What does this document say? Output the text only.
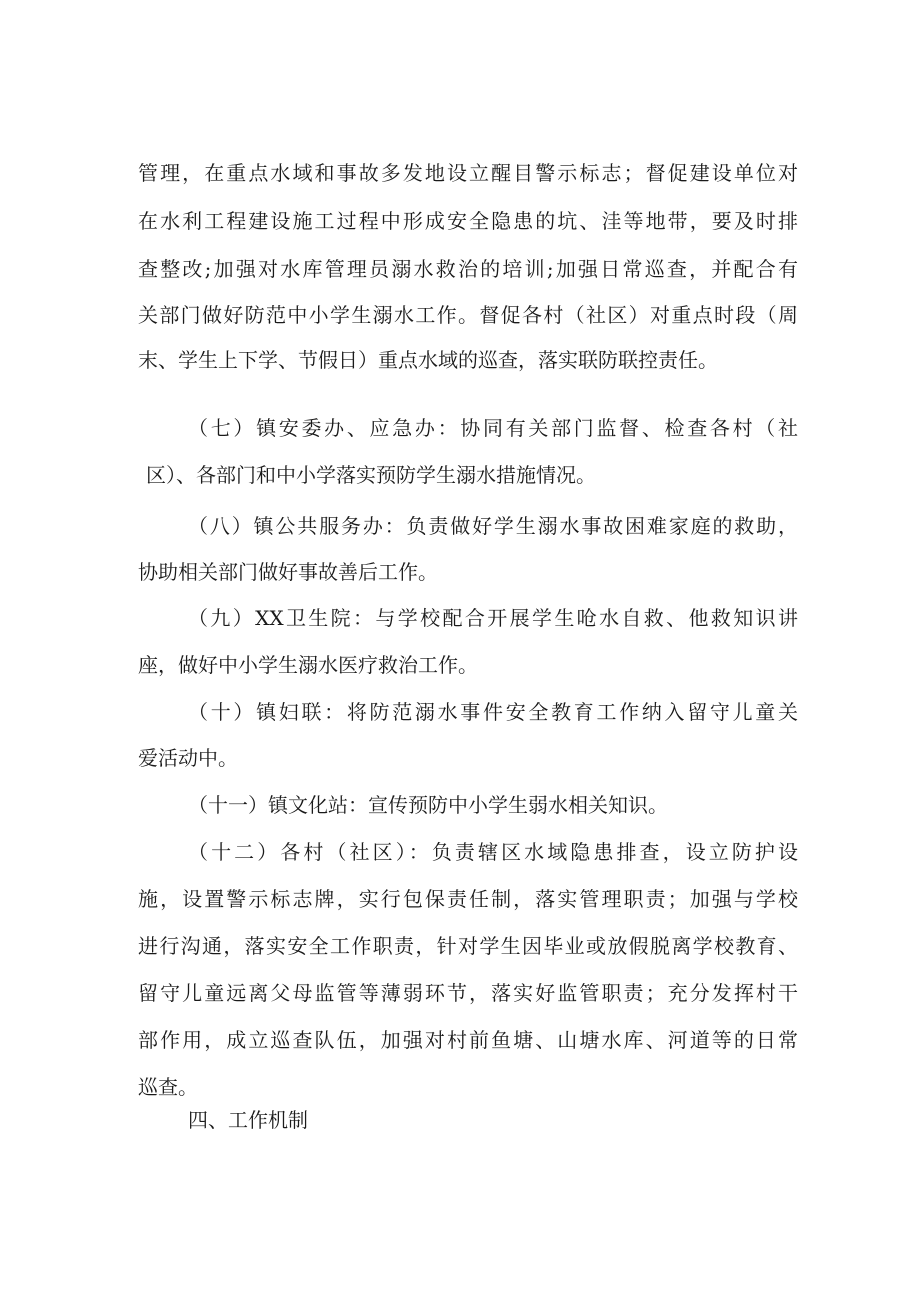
管理，在重点水域和事故多发地设立醒目警示标志；督促建设单位对
在水利工程建设施工过程中形成安全隐患的坑、洼等地带，要及时排
查整改;加强对水库管理员溺水救治的培训;加强日常巡查，并配合有
关部门做好防范中小学生溺水工作。督促各村（社区）对重点时段（周
末、学生上下学、节假日）重点水域的巡查，落实联防联控责任。
（七）镇安委办、应急办：协同有关部门监督、检查各村（社
区）、各部门和中小学落实预防学生溺水措施情况。
（八）镇公共服务办：负责做好学生溺水事故困难家庭的救助，
协助相关部门做好事故善后工作。
（九）XX卫生院：与学校配合开展学生呛水自救、他救知识讲
座，做好中小学生溺水医疗救治工作。
（十）镇妇联：将防范溺水事件安全教育工作纳入留守儿童关
爱活动中。
（十一）镇文化站：宣传预防中小学生弱水相关知识。
（十二）各村（社区）：负责辖区水域隐患排查，设立防护设
施，设置警示标志牌，实行包保责任制，落实管理职责；加强与学校
进行沟通，落实安全工作职责，针对学生因毕业或放假脱离学校教育、
留守儿童远离父母监管等薄弱环节，落实好监管职责；充分发挥村干
部作用，成立巡查队伍，加强对村前鱼塘、山塘水库、河道等的日常
巡查。
四、工作机制
